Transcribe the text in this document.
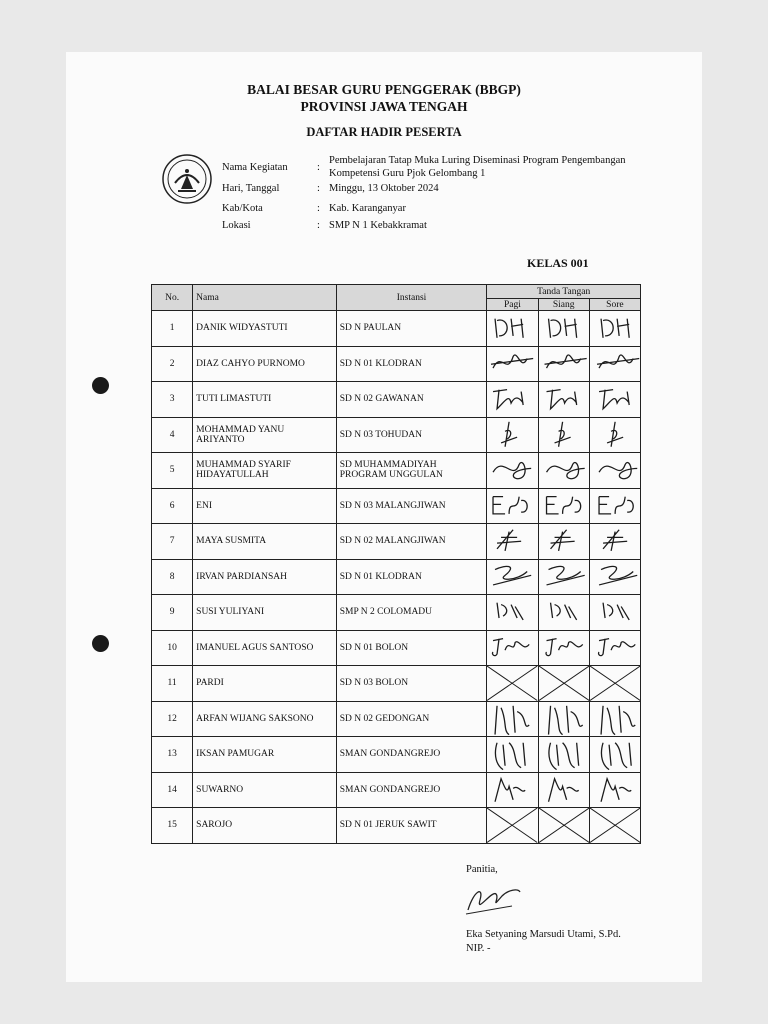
BALAI BESAR GURU PENGGERAK (BBGP)
PROVINSI JAWA TENGAH
DAFTAR HADIR PESERTA
Nama Kegiatan	:
Pembelajaran Tatap Muka Luring Diseminasi Program Pengembangan
Kompetensi Guru Pjok Gelombang 1
Hari, Tanggal	: Minggu, 13 Oktober 2024
Kab/Kota	: Kab. Karanganyar
Lokasi	: SMP N 1 Kebakkramat
KELAS 001
No.	Nama	Instansi	Tanda Tangan		
			Pagi	Siang	Sore
1	DANIK WIDYASTUTI	SD N PAULAN	

2	DIAZ CAHYO PURNOMO	SD N 01 KLODRAN	

3	TUTI LIMASTUTI	SD N 02 GAWANAN	

4	MOHAMMAD YANU ARIYANTO	SD N 03 TOHUDAN	

5	MUHAMMAD SYARIF HIDAYATULLAH	SD MUHAMMADIYAH PROGRAM UNGGULAN	

6	ENI	SD N 03 MALANGJIWAN	

7	MAYA SUSMITA	SD N 02 MALANGJIWAN	

8	IRVAN PARDIANSAH	SD N 01 KLODRAN	

9	SUSI YULIYANI	SMP N 2 COLOMADU	

10	IMANUEL AGUS SANTOSO	SD N 01 BOLON	

11	PARDI	SD N 03 BOLON	

12	ARFAN WIJANG SAKSONO	SD N 02 GEDONGAN	

13	IKSAN PAMUGAR	SMAN GONDANGREJO	

14	SUWARNO	SMAN GONDANGREJO	

15	SAROJO	SD N 01 JERUK SAWIT	

Panitia,
Eka Setyaning Marsudi Utami, S.Pd.
NIP. -
